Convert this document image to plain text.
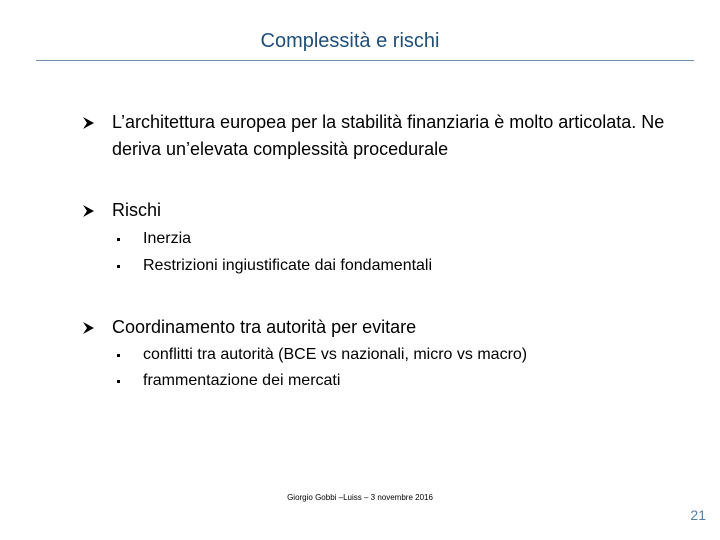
Complessità e rischi
L’architettura europea per la stabilità finanziaria è molto articolata. Ne deriva un’elevata complessità procedurale
Rischi
Inerzia
Restrizioni ingiustificate dai fondamentali
Coordinamento tra autorità per evitare
conflitti tra autorità (BCE vs nazionali, micro vs macro)
frammentazione dei mercati
Giorgio Gobbi –Luiss – 3 novembre 2016
21
